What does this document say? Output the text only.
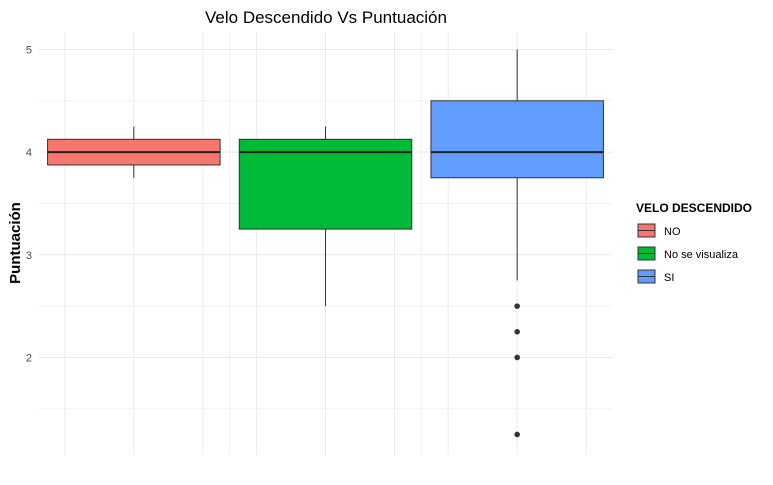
2
3
4
5
Velo Descendido Vs Puntuación
Puntuación	VELO DESCENDIDO
NO
No se visualiza
SI
